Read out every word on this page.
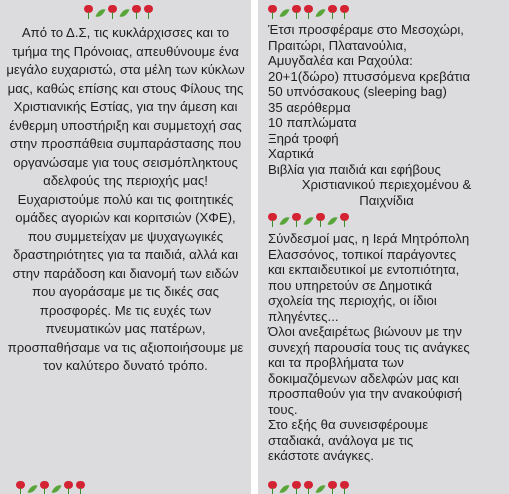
Από το Δ.Σ, τις κυκλάρχισσες και το τμήμα της Πρόνοιας, απευθύνουμε ένα μεγάλο ευχαριστώ, στα μέλη των κύκλων μας, καθώς επίσης και στους Φίλους της Χριστιανικής Εστίας, για την άμεση και ένθερμη υποστήριξη και συμμετοχή σας στην προσπάθεια συμπαράστασης που οργανώσαμε για τους σεισμόπληκτους αδελφούς της περιοχής μας! Ευχαριστούμε πολύ και τις φοιτητικές ομάδες αγοριών και κοριτσιών (ΧΦΕ), που συμμετείχαν με ψυχαγωγικές δραστηριότητες για τα παιδιά, αλλά και στην παράδοση και διανομή των ειδών που αγοράσαμε με τις δικές σας προσφορές. Με τις ευχές των πνευματικών μας πατέρων, προσπαθήσαμε να τις αξιοποιήσουμε με τον καλύτερο δυνατό τρόπο.
Έτσι προσφέραμε στο Μεσοχώρι,
Πραιτώρι, Πλατανούλια,
Αμυγδαλέα και Ραχούλα:
20+1(δώρο) πτυσσόμενα κρεβάτια
50 υπνόσακους (sleeping bag)
35 αερόθερμα
10 παπλώματα
Ξηρά τροφή
Χαρτικά
Βιβλία για παιδιά και εφήβους
Χριστιανικού περιεχομένου &
Παιχνίδια
Σύνδεσμοί μας, η Ιερά Μητρόπολη
Ελασσόνος, τοπικοί παράγοντες
και εκπαιδευτικοί με εντοπιότητα,
που υπηρετούν σε Δημοτικά
σχολεία της περιοχής, οι ίδιοι
πληγέντες...
Όλοι ανεξαιρέτως βιώνουν με την
συνεχή παρουσία τους τις ανάγκες
και τα προβλήματα των
δοκιμαζόμενων αδελφών μας και
προσπαθούν για την ανακούφισή
τους.
Στο εξής θα συνεισφέρουμε
σταδιακά, ανάλογα με τις
εκάστοτε ανάγκες.
